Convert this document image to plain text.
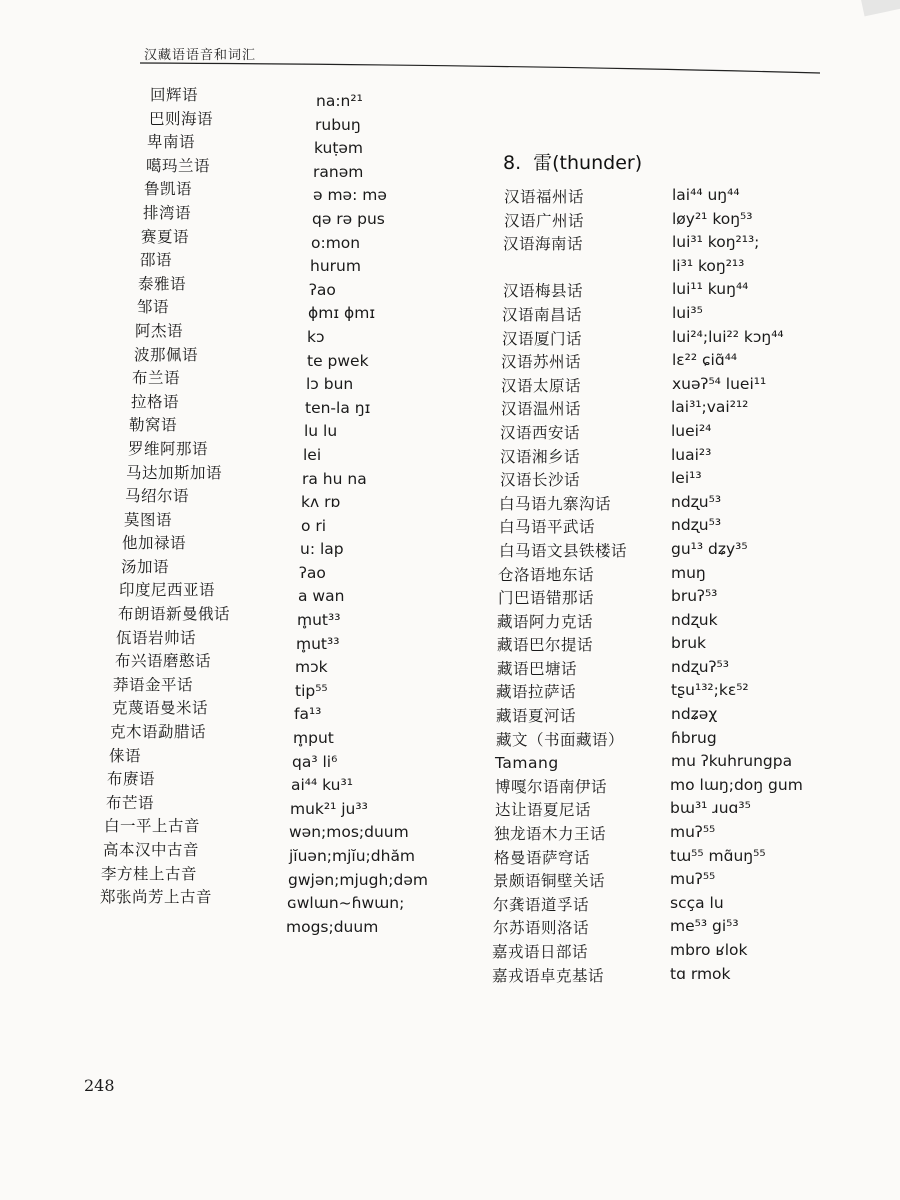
汉藏语语音和词汇
回辉语
巴则海语
卑南语
噶玛兰语
鲁凯语
排湾语
赛夏语
邵语
泰雅语
邹语
阿杰语
波那佩语
布兰语
拉格语
勒窝语
罗维阿那语
马达加斯加语
马绍尔语
莫图语
他加禄语
汤加语
印度尼西亚语
布朗语新曼俄话
佤语岩帅话
布兴语磨憨话
莽语金平话
克蔑语曼米话
克木语勐腊话
俫语
布赓语
布芒语
白一平上古音
高本汉中古音
李方桂上古音
郑张尚芳上古音
na:n²¹
rubuŋ
kuṭəm
ranəm
ə mə: mə
qə rə pus
o:mon
hurum
ʔao
ɸmɪ ɸmɪ
kɔ
te pwek
lɔ bun
ten-la ŋɪ
lu lu
lei
ra hu na
kʌ rɒ
o ri
u: lap
ʔao
a wan
m̥ut³³
m̥ut³³
mɔk
tip⁵⁵
fa¹³
m̥put
qa³ li⁶
ai⁴⁴ ku³¹
muk²¹ ju³³
wən;mos;duum
jĭuən;mjĭu;dhăm
gwjən;mjugh;dəm
ɢwlɯn~ɦwɯn;
mogs;duum
8. 雷(thunder)
汉语福州话
汉语广州话
汉语海南话
汉语梅县话
汉语南昌话
汉语厦门话
汉语苏州话
汉语太原话
汉语温州话
汉语西安话
汉语湘乡话
汉语长沙话
白马语九寨沟话
白马语平武话
白马语文县铁楼话
仓洛语地东话
门巴语错那话
藏语阿力克话
藏语巴尔提话
藏语巴塘话
藏语拉萨话
藏语夏河话
藏文（书面藏语）
Tamang
博嘎尔语南伊话
达让语夏尼话
独龙语木力王话
格曼语萨穹话
景颇语铜壁关话
尔龚语道孚话
尔苏语则洛话
嘉戎语日部话
嘉戎语卓克基话
lai⁴⁴ uŋ⁴⁴
løy²¹ koŋ⁵³
lui³¹ koŋ²¹³;
li³¹ koŋ²¹³
lui¹¹ kuŋ⁴⁴
lui³⁵
lui²⁴;lui²² kɔŋ⁴⁴
lɛ²² ɕiɑ̃⁴⁴
xuəʔ⁵⁴ luei¹¹
lai³¹;vai²¹²
luei²⁴
luai²³
lei¹³
ndʐu⁵³
ndʐu⁵³
gu¹³ dʑy³⁵
muŋ
bruʔ⁵³
ndʐuk
bruk
ndʐuʔ⁵³
tʂu¹³²;kɛ⁵²
ndʑəχ
ɦbrug
mu ʔkuhrungpa
mo lɯŋ;doŋ gum
bɯ³¹ ɹuɑ³⁵
muʔ⁵⁵
tɯ⁵⁵ mɑ̃uŋ⁵⁵
muʔ⁵⁵
scça lu
me⁵³ gi⁵³
mbro ʁlok
tɑ rmok
248
